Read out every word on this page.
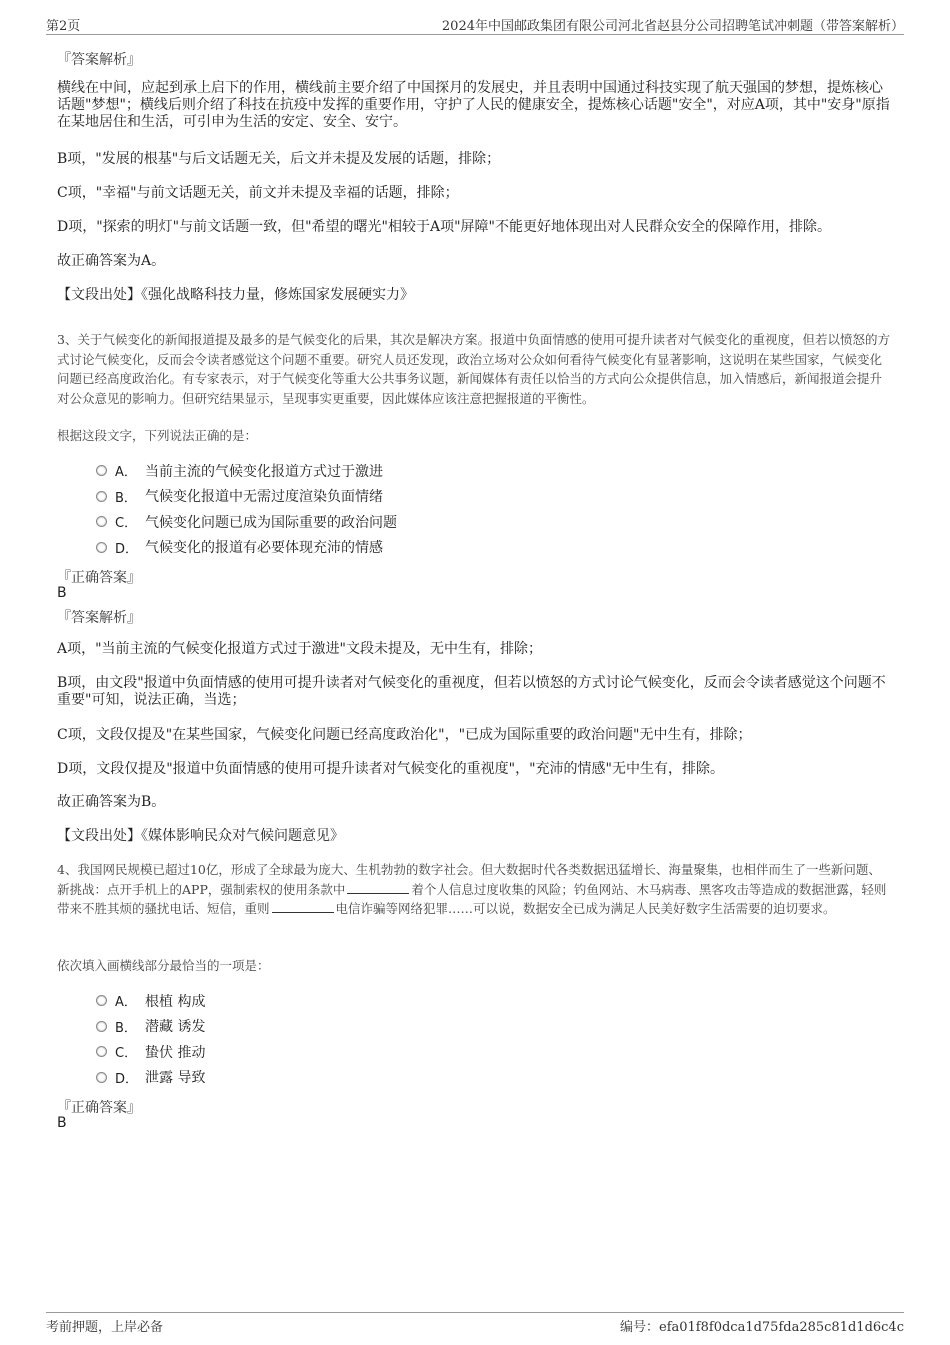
第2页	2024年中国邮政集团有限公司河北省赵县分公司招聘笔试冲刺题（带答案解析）
『答案解析』
横线在中间，应起到承上启下的作用，横线前主要介绍了中国探月的发展史，并且表明中国通过科技实现了航天强国的梦想，提炼核心话题"梦想"；横线后则介绍了科技在抗疫中发挥的重要作用，守护了人民的健康安全，提炼核心话题"安全"，对应A项，其中"安身"原指在某地居住和生活，可引申为生活的安定、安全、安宁。
B项，"发展的根基"与后文话题无关，后文并未提及发展的话题，排除；
C项，"幸福"与前文话题无关，前文并未提及幸福的话题，排除；
D项，"探索的明灯"与前文话题一致，但"希望的曙光"相较于A项"屏障"不能更好地体现出对人民群众安全的保障作用，排除。
故正确答案为A。
【文段出处】《强化战略科技力量，修炼国家发展硬实力》
3、关于气候变化的新闻报道提及最多的是气候变化的后果，其次是解决方案。报道中负面情感的使用可提升读者对气候变化的重视度，但若以愤怒的方式讨论气候变化，反而会令读者感觉这个问题不重要。研究人员还发现，政治立场对公众如何看待气候变化有显著影响，这说明在某些国家，气候变化问题已经高度政治化。有专家表示，对于气候变化等重大公共事务议题，新闻媒体有责任以恰当的方式向公众提供信息，加入情感后，新闻报道会提升对公众意见的影响力。但研究结果显示，呈现事实更重要，因此媒体应该注意把握报道的平衡性。
根据这段文字，下列说法正确的是：
A． 当前主流的气候变化报道方式过于激进
B． 气候变化报道中无需过度渲染负面情绪
C． 气候变化问题已成为国际重要的政治问题
D． 气候变化的报道有必要体现充沛的情感
『正确答案』
B
『答案解析』
A项，"当前主流的气候变化报道方式过于激进"文段未提及，无中生有，排除；
B项，由文段"报道中负面情感的使用可提升读者对气候变化的重视度，但若以愤怒的方式讨论气候变化，反而会令读者感觉这个问题不重要"可知，说法正确，当选；
C项，文段仅提及"在某些国家，气候变化问题已经高度政治化"，"已成为国际重要的政治问题"无中生有，排除；
D项，文段仅提及"报道中负面情感的使用可提升读者对气候变化的重视度"，"充沛的情感"无中生有，排除。
故正确答案为B。
【文段出处】《媒体影响民众对气候问题意见》
4、我国网民规模已超过10亿，形成了全球最为庞大、生机勃勃的数字社会。但大数据时代各类数据迅猛增长、海量聚集，也相伴而生了一些新问题、新挑战：点开手机上的APP，强制索权的使用条款中	着个人信息过度收集的风险；钓鱼网站、木马病毒、黑客攻击等造成的数据泄露，轻则带来不胜其烦的骚扰电话、短信，重则	电信诈骗等网络犯罪……可以说，数据安全已成为满足人民美好数字生活需要的迫切要求。
依次填入画横线部分最恰当的一项是：
A． 根植 构成
B． 潜藏 诱发
C． 蛰伏 推动
D． 泄露 导致
『正确答案』
B
考前押题，上岸必备	编号：efa01f8f0dca1d75fda285c81d1d6c4c
